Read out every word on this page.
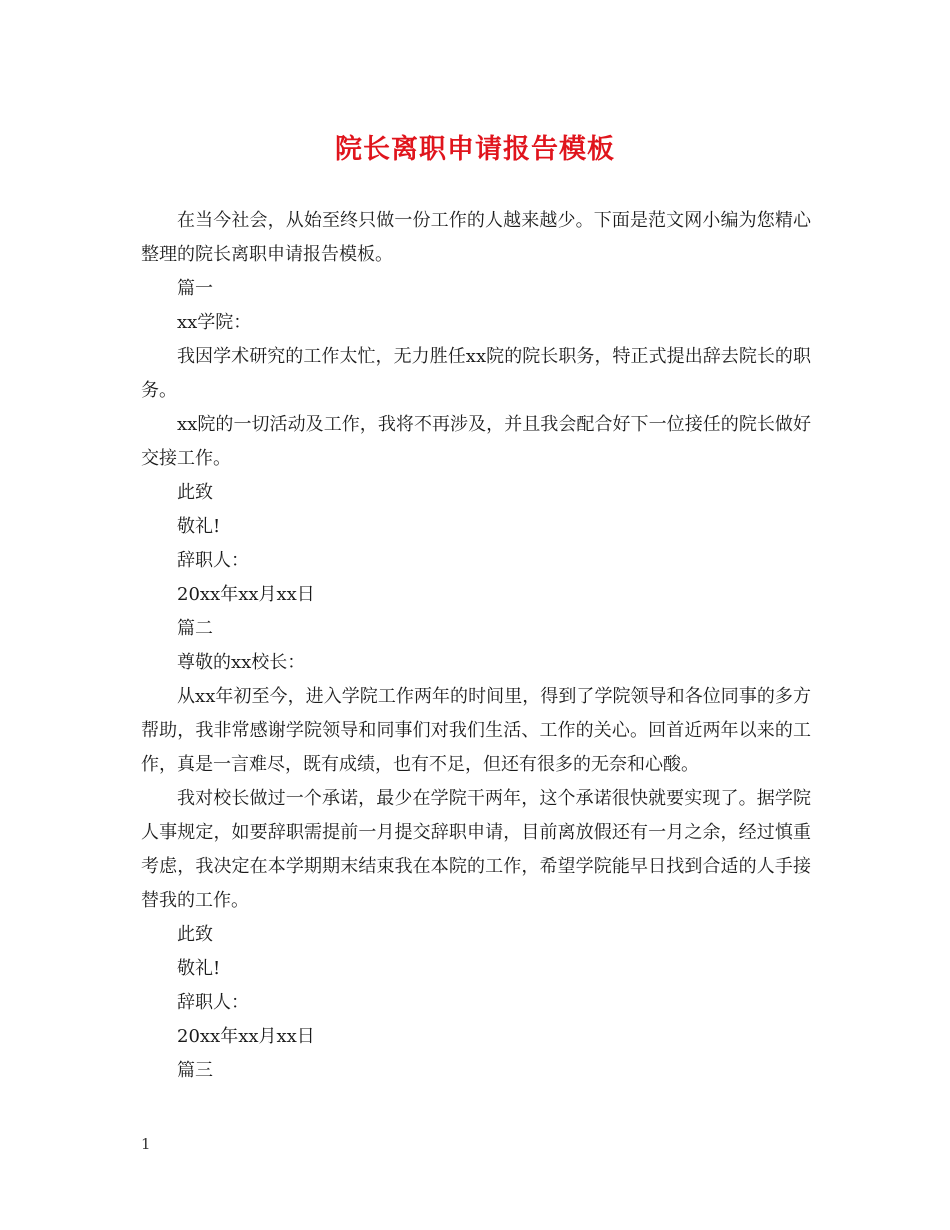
院长离职申请报告模板

在当今社会，从始至终只做一份工作的人越来越少。下面是范文网小编为您精心整理的院长离职申请报告模板。

篇一

xx学院：

我因学术研究的工作太忙，无力胜任xx院的院长职务，特正式提出辞去院长的职务。

xx院的一切活动及工作，我将不再涉及，并且我会配合好下一位接任的院长做好交接工作。

此致

敬礼!

辞职人：

20xx年xx月xx日

篇二

尊敬的xx校长：

从xx年初至今，进入学院工作两年的时间里，得到了学院领导和各位同事的多方帮助，我非常感谢学院领导和同事们对我们生活、工作的关心。回首近两年以来的工作，真是一言难尽，既有成绩，也有不足，但还有很多的无奈和心酸。

我对校长做过一个承诺，最少在学院干两年，这个承诺很快就要实现了。据学院人事规定，如要辞职需提前一月提交辞职申请，目前离放假还有一月之余，经过慎重考虑，我决定在本学期期末结束我在本院的工作，希望学院能早日找到合适的人手接替我的工作。

此致

敬礼!

辞职人：

20xx年xx月xx日

篇三

1
